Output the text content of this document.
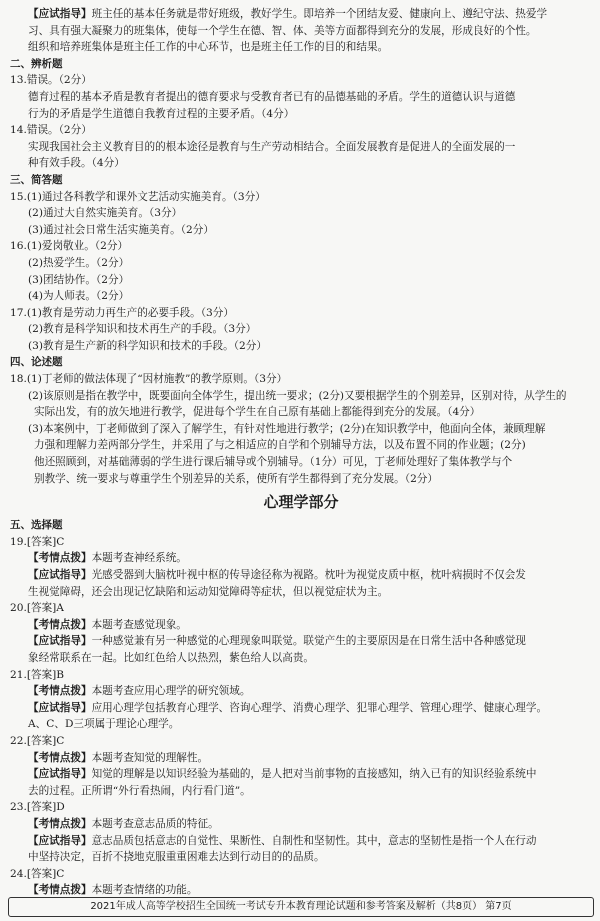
【应试指导】班主任的基本任务就是带好班级，教好学生。即培养一个团结友爱、健康向上、遵纪守法、热爱学
习、具有强大凝聚力的班集体，使每一个学生在德、智、体、美等方面都得到充分的发展，形成良好的个性。
组织和培养班集体是班主任工作的中心环节，也是班主任工作的目的和结果。
二、辨析题
13.错误。（2分）
德育过程的基本矛盾是教育者提出的德育要求与受教育者已有的品德基础的矛盾。学生的道德认识与道德
行为的矛盾是学生道德自我教育过程的主要矛盾。（4分）
14.错误。（2分）
实现我国社会主义教育目的的根本途径是教育与生产劳动相结合。全面发展教育是促进人的全面发展的一
种有效手段。（4分）
三、简答题
15.(1)通过各科教学和课外文艺活动实施美育。（3分）
(2)通过大自然实施美育。（3分）
(3)通过社会日常生活实施美育。（2分）
16.(1)爱岗敬业。（2分）
(2)热爱学生。（2分）
(3)团结协作。（2分）
(4)为人师表。（2分）
17.(1)教育是劳动力再生产的必要手段。（3分）
(2)教育是科学知识和技术再生产的手段。（3分）
(3)教育是生产新的科学知识和技术的手段。（2分）
四、论述题
18.(1)丁老师的做法体现了“因材施教”的教学原则。（3分）
(2)该原则是指在教学中，既要面向全体学生，提出统一要求；(2分)又要根据学生的个别差异，区别对待，从学生的
实际出发，有的放矢地进行教学，促进每个学生在自己原有基础上都能得到充分的发展。（4分）
(3)本案例中，丁老师做到了深入了解学生，有针对性地进行教学；(2分)在知识教学中，他面向全体，兼顾理解
力强和理解力差两部分学生，并采用了与之相适应的自学和个别辅导方法，以及布置不同的作业题；(2分)
他还照顾到，对基础薄弱的学生进行课后辅导或个别辅导。（1分）可见，丁老师处理好了集体教学与个
别教学、统一要求与尊重学生个别差异的关系，使所有学生都得到了充分发展。（2分）
心理学部分
五、选择题
19.[答案]C
【考情点拨】本题考查神经系统。
【应试指导】光感受器到大脑枕叶视中枢的传导途径称为视路。枕叶为视觉皮质中枢，枕叶病损时不仅会发
生视觉障碍，还会出现记忆缺陷和运动知觉障碍等症状，但以视觉症状为主。
20.[答案]A
【考情点拨】本题考查感觉现象。
【应试指导】一种感觉兼有另一种感觉的心理现象叫联觉。联觉产生的主要原因是在日常生活中各种感觉现
象经常联系在一起。比如红色给人以热烈，紫色给人以高贵。
21.[答案]B
【考情点拨】本题考查应用心理学的研究领域。
【应试指导】应用心理学包括教育心理学、咨询心理学、消费心理学、犯罪心理学、管理心理学、健康心理学。
A、C、D三项属于理论心理学。
22.[答案]C
【考情点拨】本题考查知觉的理解性。
【应试指导】知觉的理解是以知识经验为基础的，是人把对当前事物的直接感知，纳入已有的知识经验系统中
去的过程。正所谓“外行看热闹，内行看门道”。
23.[答案]D
【考情点拨】本题考查意志品质的特征。
【应试指导】意志品质包括意志的自觉性、果断性、自制性和坚韧性。其中，意志的坚韧性是指一个人在行动
中坚持决定，百折不挠地克服重重困难去达到行动目的的品质。
24.[答案]C
【考情点拨】本题考查情绪的功能。
2021年成人高等学校招生全国统一考试专升本教育理论试题和参考答案及解析（共8页） 第7页
